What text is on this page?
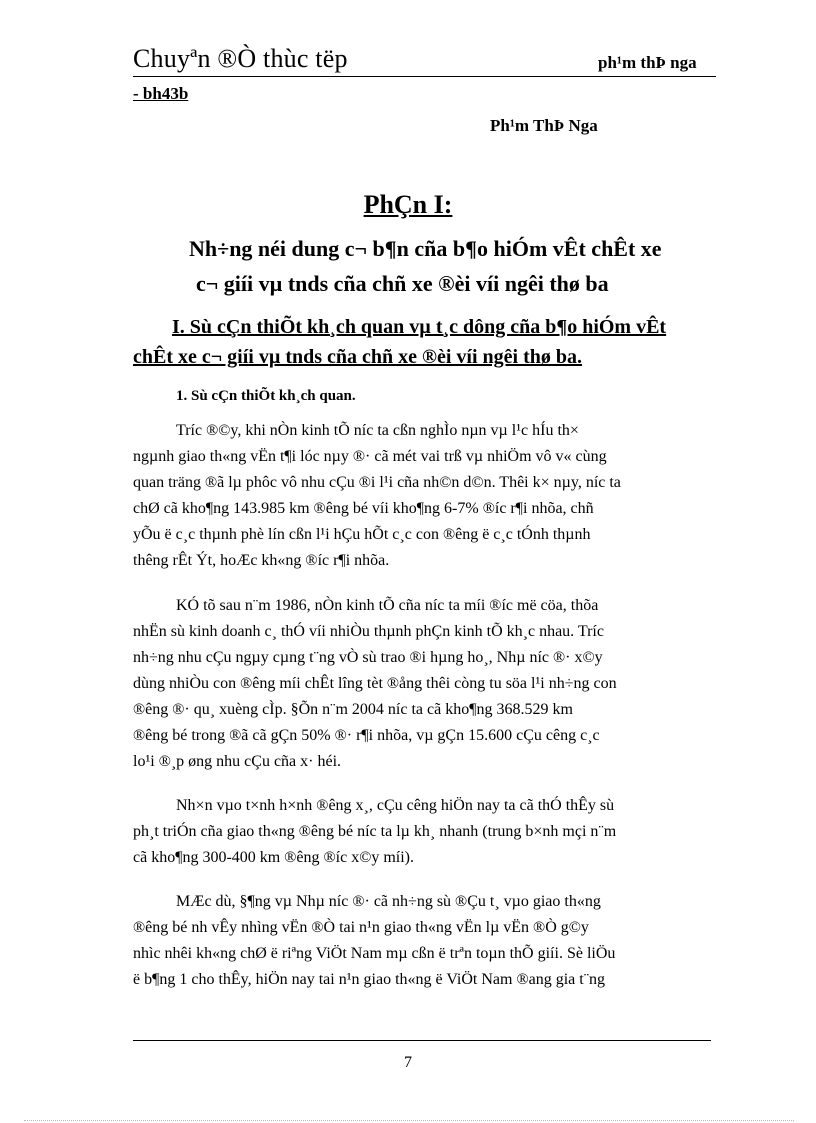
Chuyªn ®Ò thùc tëp	ph¹m thÞ nga
- bh43b
Ph¹m ThÞ Nga
PhÇn I:
Nh÷ng néi dung c¬ b¶n cña b¶o hiÓm vÊt chÊt xe
c¬ giíi vµ tnds cña chñ xe ®èi víi ngêi thø ba
I. Sù cÇn thiÕt kh¸ch quan vµ t¸c dông cña b¶o hiÓm vÊt
chÊt xe c¬ giíi vµ tnds cña chñ xe ®èi víi ngêi thø ba.
1. Sù cÇn thiÕt kh¸ch quan.
Tríc ®©y, khi nÒn kinh tÕ níc ta cßn nghÌo nµn vµ l¹c hÍu th×
ngµnh giao th«ng vËn t¶i lóc nµy ®· cã mét vai trß vµ nhiÖm vô v« cùng
quan träng ®ã lµ phôc vô nhu cÇu ®i l¹i cña nh©n d©n. Thêi k× nµy, níc ta
chØ cã kho¶ng 143.985 km ®êng bé víi kho¶ng 6-7% ®íc r¶i nhõa, chñ
yÕu ë c¸c thµnh phè lín cßn l¹i hÇu hÕt c¸c con ®êng ë c¸c tÓnh thµnh
thêng rÊt Ýt, hoÆc kh«ng ®íc r¶i nhõa.
KÓ tõ sau n¨m 1986, nÒn kinh tÕ cña níc ta míi ®íc më cöa, thõa
nhËn sù kinh doanh c¸ thÓ víi nhiÒu thµnh phÇn kinh tÕ kh¸c nhau. Tríc
nh÷ng nhu cÇu ngµy cµng t¨ng vÒ sù trao ®i hµng ho¸, Nhµ níc ®· x©y
dùng nhiÒu con ®êng míi chÊt lîng tèt ®ång thêi còng tu söa l¹i nh÷ng con
®êng ®· qu¸ xuèng cÌp. §Õn n¨m 2004 níc ta cã kho¶ng 368.529 km
®êng bé trong ®ã cã gÇn 50% ®· r¶i nhõa, vµ gÇn 15.600 cÇu cêng c¸c
lo¹i ®¸p øng nhu cÇu cña x· héi.
Nh×n vµo t×nh h×nh ®êng x¸, cÇu cêng hiÖn nay ta cã thÓ thÊy sù
ph¸t triÓn cña giao th«ng ®êng bé níc ta lµ kh¸ nhanh (trung b×nh mçi n¨m
cã kho¶ng 300-400 km ®êng ®íc x©y míi).
MÆc dù, §¶ng vµ Nhµ níc ®· cã nh÷ng sù ®Çu t¸ vµo giao th«ng
®êng bé nh vÊy nhìng vËn ®Ò tai n¹n giao th«ng vËn lµ vËn ®Ò g©y
nhìc nhêi kh«ng chØ ë riªng ViÖt Nam mµ cßn ë trªn toµn thÕ giíi. Sè liÖu
ë b¶ng 1 cho thÊy, hiÖn nay tai n¹n giao th«ng ë ViÖt Nam ®ang gia t¨ng
7
